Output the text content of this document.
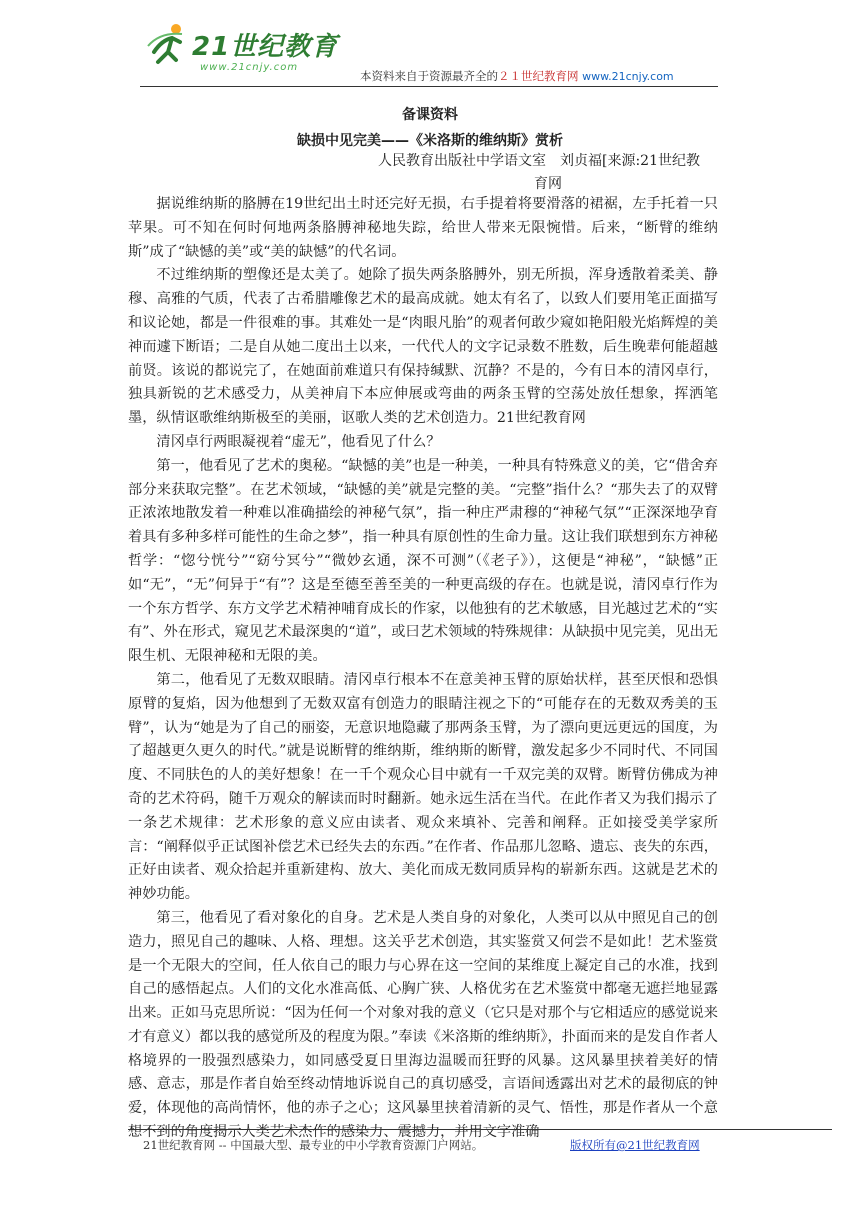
21世纪教育
www.21cnjy.com
本资料来自于资源最齐全的２１世纪教育网 www.21cnjy.com
备课资料
缺损中见完美——《米洛斯的维纳斯》赏析
人民教育出版社中学语文室　刘贞福[来源:21世纪教
育网

据说维纳斯的胳膊在19世纪出土时还完好无损，右手提着将要滑落的裙裾，左手托着一只苹果。可不知在何时何地两条胳膊神秘地失踪，给世人带来无限惋惜。后来，“断臂的维纳斯”成了“缺憾的美”或“美的缺憾”的代名词。

不过维纳斯的塑像还是太美了。她除了损失两条胳膊外，别无所损，浑身透散着柔美、静穆、高雅的气质，代表了古希腊雕像艺术的最高成就。她太有名了，以致人们要用笔正面描写和议论她，都是一件很难的事。其难处一是“肉眼凡胎”的观者何敢少窥如艳阳般光焰辉煌的美神而遽下断语；二是自从她二度出土以来，一代代人的文字记录数不胜数，后生晚辈何能超越前贤。该说的都说完了，在她面前难道只有保持缄默、沉静？不是的，今有日本的清冈卓行，独具新锐的艺术感受力，从美神肩下本应伸展或弯曲的两条玉臂的空荡处放任想象，挥洒笔墨，纵情讴歌维纳斯极至的美丽，讴歌人类的艺术创造力。21世纪教育网

清冈卓行两眼凝视着“虚无”，他看见了什么？

第一，他看见了艺术的奥秘。“缺憾的美”也是一种美，一种具有特殊意义的美，它“借舍弃部分来获取完整”。在艺术领域，“缺憾的美”就是完整的美。“完整”指什么？“那失去了的双臂正浓浓地散发着一种难以准确描绘的神秘气氛”，指一种庄严肃穆的“神秘气氛”“正深深地孕育着具有多种多样可能性的生命之梦”，指一种具有原创性的生命力量。这让我们联想到东方神秘哲学：“惚兮恍兮”“窈兮冥兮”“微妙玄通，深不可测”（《老子》），这便是“神秘”，“缺憾”正如“无”，“无”何异于“有”？这是至德至善至美的一种更高级的存在。也就是说，清冈卓行作为一个东方哲学、东方文学艺术精神哺育成长的作家，以他独有的艺术敏感，目光越过艺术的“实有”、外在形式，窥见艺术最深奥的“道”，或曰艺术领域的特殊规律：从缺损中见完美，见出无限生机、无限神秘和无限的美。

第二，他看见了无数双眼睛。清冈卓行根本不在意美神玉臂的原始状样，甚至厌恨和恐惧原臂的复焰，因为他想到了无数双富有创造力的眼睛注视之下的“可能存在的无数双秀美的玉臂”，认为“她是为了自己的丽姿，无意识地隐藏了那两条玉臂，为了漂向更远更远的国度，为了超越更久更久的时代。”就是说断臂的维纳斯，维纳斯的断臂，激发起多少不同时代、不同国度、不同肤色的人的美好想象！在一千个观众心目中就有一千双完美的双臂。断臂仿佛成为神奇的艺术符码，随千万观众的解读而时时翻新。她永远生活在当代。在此作者又为我们揭示了一条艺术规律：艺术形象的意义应由读者、观众来填补、完善和阐释。正如接受美学家所言：“阐释似乎正试图补偿艺术已经失去的东西。”在作者、作品那儿忽略、遗忘、丧失的东西，正好由读者、观众拾起并重新建构、放大、美化而成无数同质异构的崭新东西。这就是艺术的神妙功能。

第三，他看见了看对象化的自身。艺术是人类自身的对象化，人类可以从中照见自己的创造力，照见自己的趣味、人格、理想。这关乎艺术创造，其实鉴赏又何尝不是如此！艺术鉴赏是一个无限大的空间，任人依自己的眼力与心界在这一空间的某维度上凝定自己的水准，找到自己的感悟起点。人们的文化水准高低、心胸广狭、人格优劣在艺术鉴赏中都毫无遮拦地显露出来。正如马克思所说：“因为任何一个对象对我的意义（它只是对那个与它相适应的感觉说来才有意义）都以我的感觉所及的程度为限。”奉读《米洛斯的维纳斯》，扑面而来的是发自作者人格境界的一股强烈感染力，如同感受夏日里海边温暖而狂野的风暴。这风暴里挟着美好的情感、意志，那是作者自始至终动情地诉说自己的真切感受，言语间透露出对艺术的最彻底的钟爱，体现他的高尚情怀，他的赤子之心；这风暴里挟着清新的灵气、悟性，那是作者从一个意想不到的角度揭示人类艺术杰作的感染力、震撼力，并用文字准确

21世纪教育网 -- 中国最大型、最专业的中小学教育资源门户网站。	版权所有@21世纪教育网
